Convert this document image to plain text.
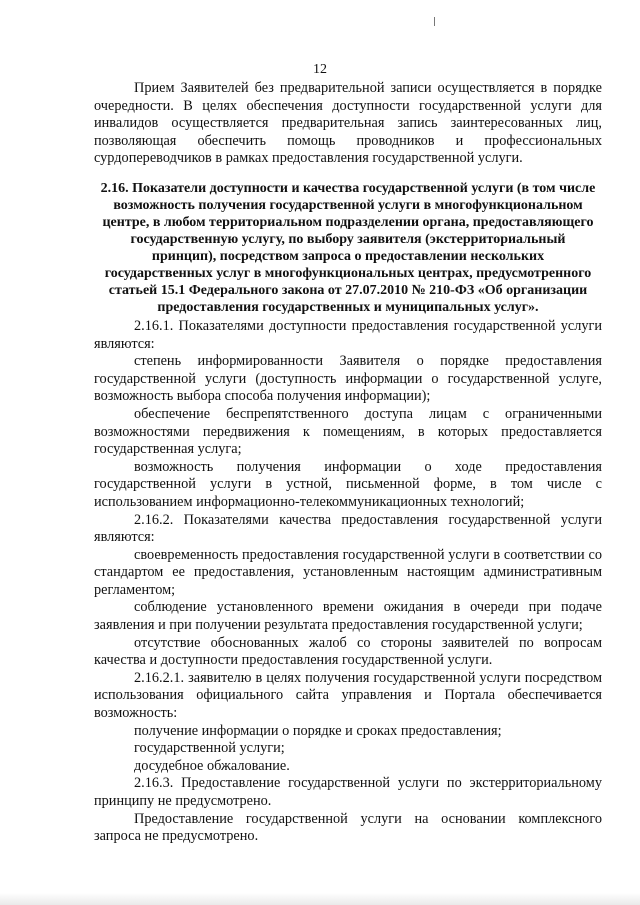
12

Прием Заявителей без предварительной записи осуществляется в порядке очередности. В целях обеспечения доступности государственной услуги для инвалидов осуществляется предварительная запись заинтересованных лиц, позволяющая обеспечить помощь проводников и профессиональных сурдопереводчиков в рамках предоставления государственной услуги.

2.16. Показатели доступности и качества государственной услуги (в том числе возможность получения государственной услуги в многофункциональном центре, в любом территориальном подразделении органа, предоставляющего государственную услугу, по выбору заявителя (экстерриториальный принцип), посредством запроса о предоставлении нескольких государственных услуг в многофункциональных центрах, предусмотренного статьей 15.1 Федерального закона от 27.07.2010 № 210-ФЗ «Об организации предоставления государственных и муниципальных услуг».

2.16.1. Показателями доступности предоставления государственной услуги являются:

степень информированности Заявителя о порядке предоставления государственной услуги (доступность информации о государственной услуге, возможность выбора способа получения информации);

обеспечение беспрепятственного доступа лицам с ограниченными возможностями передвижения к помещениям, в которых предоставляется государственная услуга;

возможность получения информации о ходе предоставления государственной услуги в устной, письменной форме, в том числе с использованием информационно-телекоммуникационных технологий;

2.16.2. Показателями качества предоставления государственной услуги являются:

своевременность предоставления государственной услуги в соответствии со стандартом ее предоставления, установленным настоящим административным регламентом;

соблюдение установленного времени ожидания в очереди при подаче заявления и при получении результата предоставления государственной услуги;

отсутствие обоснованных жалоб со стороны заявителей по вопросам качества и доступности предоставления государственной услуги.

2.16.2.1. заявителю в целях получения государственной услуги посредством использования официального сайта управления и Портала обеспечивается возможность:

получение информации о порядке и сроках предоставления;

государственной услуги;

досудебное обжалование.

2.16.3. Предоставление государственной услуги по экстерриториальному принципу не предусмотрено.

Предоставление государственной услуги на основании комплексного запроса не предусмотрено.
